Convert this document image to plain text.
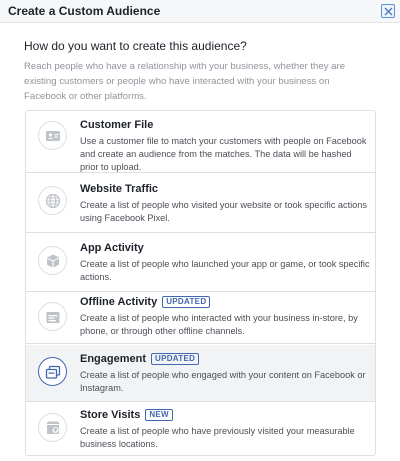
Create a Custom Audience
How do you want to create this audience?
Reach people who have a relationship with your business, whether they are existing customers or people who have interacted with your business on Facebook or other platforms.
Customer File
Use a customer file to match your customers with people on Facebook and create an audience from the matches. The data will be hashed prior to upload.
Website Traffic
Create a list of people who visited your website or took specific actions using Facebook Pixel.
App Activity
Create a list of people who launched your app or game, or took specific actions.
Offline Activity UPDATED
Create a list of people who interacted with your business in-store, by phone, or through other offline channels.
Engagement UPDATED
Create a list of people who engaged with your content on Facebook or Instagram.
Store Visits NEW
Create a list of people who have previously visited your measurable business locations.
